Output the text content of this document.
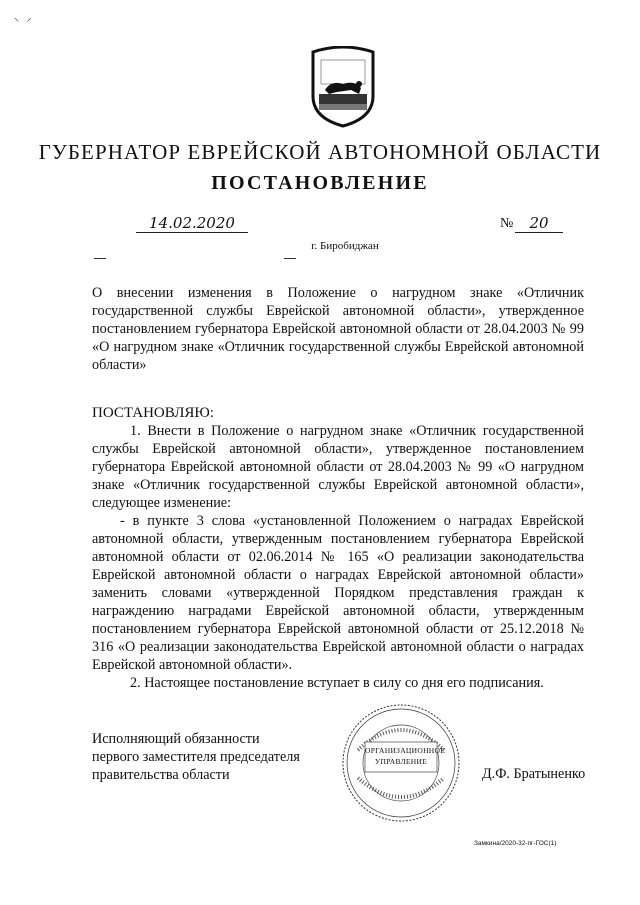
⸌   ⸍
ГУБЕРНАТОР ЕВРЕЙСКОЙ АВТОНОМНОЙ ОБЛАСТИ
ПОСТАНОВЛЕНИЕ
14.02.2020	№	20
г. Биробиджан

О внесении изменения в Положение о нагрудном знаке «Отличник государственной службы Еврейской автономной области», утвержденное постановлением губернатора Еврейской автономной области от 28.04.2003 № 99 «О нагрудном знаке «Отличник государственной службы Еврейской автономной области»

ПОСТАНОВЛЯЮ:

1. Внести в Положение о нагрудном знаке «Отличник государственной службы Еврейской автономной области», утвержденное постановлением губернатора Еврейской автономной области от 28.04.2003 № 99 «О нагрудном знаке «Отличник государственной службы Еврейской автономной области», следующее изменение:

- в пункте 3 слова «установленной Положением о наградах Еврейской автономной области, утвержденным постановлением губернатора Еврейской автономной области от 02.06.2014 № 165 «О реализации законодательства Еврейской автономной области о наградах Еврейской автономной области» заменить словами «утвержденной Порядком представления граждан к награждению наградами Еврейской автономной области, утвержденным постановлением губернатора Еврейской автономной области от 25.12.2018 № 316 «О реализации законодательства Еврейской автономной области о наградах Еврейской автономной области».

2. Настоящее постановление вступает в силу со дня его подписания.

Исполняющий обязанности
первого заместителя председателя
правительства области
ОРГАНИЗАЦИОННОЕ УПРАВЛЕНИЕ
Д.Ф. Братыненко
Замкина/2020-32-пг-ГОС(1)
